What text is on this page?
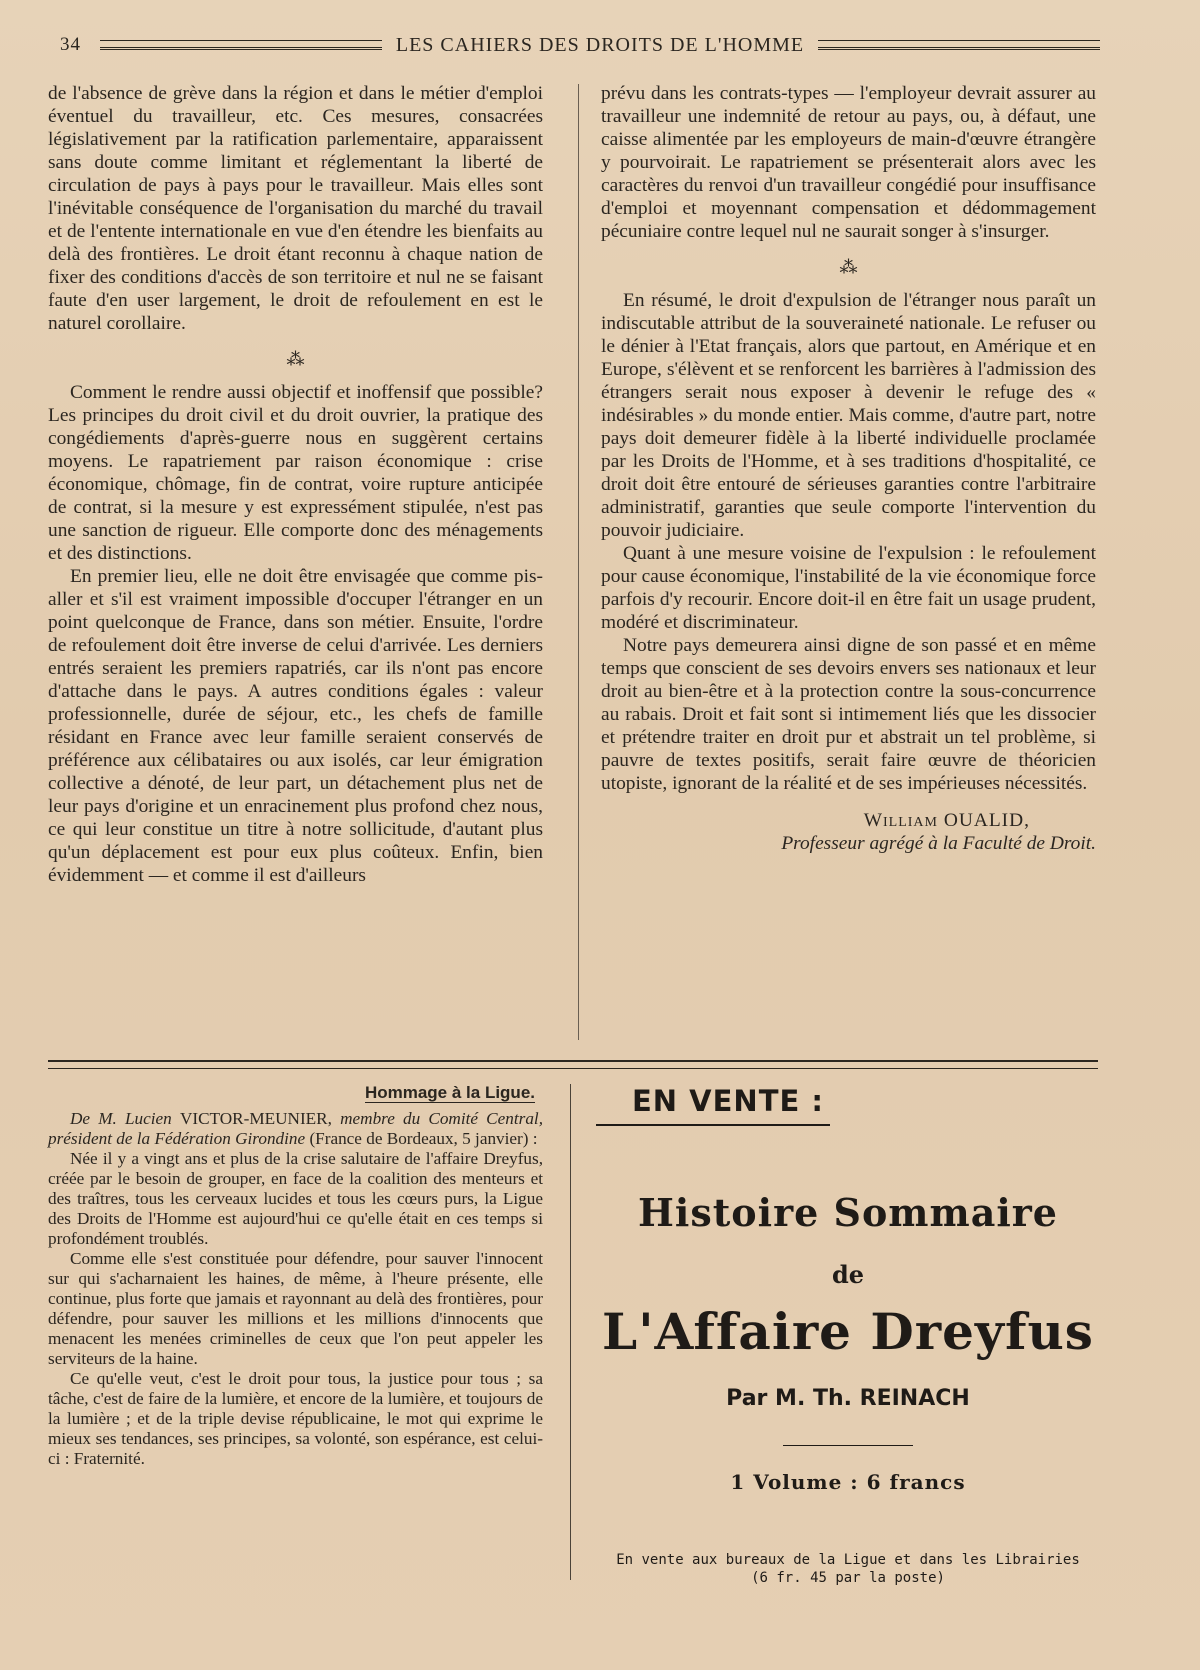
34	LES CAHIERS DES DROITS DE L'HOMME

de l'absence de grève dans la région et dans le métier d'emploi éventuel du travailleur, etc. Ces mesures, consacrées législativement par la ratification parlementaire, apparaissent sans doute comme limitant et réglementant la liberté de circulation de pays à pays pour le travailleur. Mais elles sont l'inévitable conséquence de l'organisation du marché du travail et de l'entente internationale en vue d'en étendre les bienfaits au delà des frontières. Le droit étant reconnu à chaque nation de fixer des conditions d'accès de son territoire et nul ne se faisant faute d'en user largement, le droit de refoulement en est le naturel corollaire.

⁂

Comment le rendre aussi objectif et inoffensif que possible? Les principes du droit civil et du droit ouvrier, la pratique des congédiements d'après-guerre nous en suggèrent certains moyens. Le rapatriement par raison économique : crise économique, chômage, fin de contrat, voire rupture anticipée de contrat, si la mesure y est expressément stipulée, n'est pas une sanction de rigueur. Elle comporte donc des ménagements et des distinctions.

En premier lieu, elle ne doit être envisagée que comme pis-aller et s'il est vraiment impossible d'occuper l'étranger en un point quelconque de France, dans son métier. Ensuite, l'ordre de refoulement doit être inverse de celui d'arrivée. Les derniers entrés seraient les premiers rapatriés, car ils n'ont pas encore d'attache dans le pays. A autres conditions égales : valeur professionnelle, durée de séjour, etc., les chefs de famille résidant en France avec leur famille seraient conservés de préférence aux célibataires ou aux isolés, car leur émigration collective a dénoté, de leur part, un détachement plus net de leur pays d'origine et un enracinement plus profond chez nous, ce qui leur constitue un titre à notre sollicitude, d'autant plus qu'un déplacement est pour eux plus coûteux. Enfin, bien évidemment — et comme il est d'ailleurs

prévu dans les contrats-types — l'employeur devrait assurer au travailleur une indemnité de retour au pays, ou, à défaut, une caisse alimentée par les employeurs de main-d'œuvre étrangère y pourvoirait. Le rapatriement se présenterait alors avec les caractères du renvoi d'un travailleur congédié pour insuffisance d'emploi et moyennant compensation et dédommagement pécuniaire contre lequel nul ne saurait songer à s'insurger.

⁂

En résumé, le droit d'expulsion de l'étranger nous paraît un indiscutable attribut de la souveraineté nationale. Le refuser ou le dénier à l'Etat français, alors que partout, en Amérique et en Europe, s'élèvent et se renforcent les barrières à l'admission des étrangers serait nous exposer à devenir le refuge des « indésirables » du monde entier. Mais comme, d'autre part, notre pays doit demeurer fidèle à la liberté individuelle proclamée par les Droits de l'Homme, et à ses traditions d'hospitalité, ce droit doit être entouré de sérieuses garanties contre l'arbitraire administratif, garanties que seule comporte l'intervention du pouvoir judiciaire.

Quant à une mesure voisine de l'expulsion : le refoulement pour cause économique, l'instabilité de la vie économique force parfois d'y recourir. Encore doit-il en être fait un usage prudent, modéré et discriminateur.

Notre pays demeurera ainsi digne de son passé et en même temps que conscient de ses devoirs envers ses nationaux et leur droit au bien-être et à la protection contre la sous-concurrence au rabais. Droit et fait sont si intimement liés que les dissocier et prétendre traiter en droit pur et abstrait un tel problème, si pauvre de textes positifs, serait faire œuvre de théoricien utopiste, ignorant de la réalité et de ses impérieuses nécessités.

William OUALID,

Professeur agrégé à la Faculté de Droit.

Hommage à la Ligue.

De M. Lucien VICTOR-MEUNIER, membre du Comité Central, président de la Fédération Girondine (France de Bordeaux, 5 janvier) :

Née il y a vingt ans et plus de la crise salutaire de l'affaire Dreyfus, créée par le besoin de grouper, en face de la coalition des menteurs et des traîtres, tous les cerveaux lucides et tous les cœurs purs, la Ligue des Droits de l'Homme est aujourd'hui ce qu'elle était en ces temps si profondément troublés.

Comme elle s'est constituée pour défendre, pour sauver l'innocent sur qui s'acharnaient les haines, de même, à l'heure présente, elle continue, plus forte que jamais et rayonnant au delà des frontières, pour défendre, pour sauver les millions et les millions d'innocents que menacent les menées criminelles de ceux que l'on peut appeler les serviteurs de la haine.

Ce qu'elle veut, c'est le droit pour tous, la justice pour tous ; sa tâche, c'est de faire de la lumière, et encore de la lumière, et toujours de la lumière ; et de la triple devise républicaine, le mot qui exprime le mieux ses tendances, ses principes, sa volonté, son espérance, est celui-ci : Fraternité.

EN VENTE :
Histoire Sommaire
de
L'Affaire Dreyfus
Par M. Th. REINACH
1 Volume : 6 francs
En vente aux bureaux de la Ligue et dans les Librairies
(6 fr. 45 par la poste)
